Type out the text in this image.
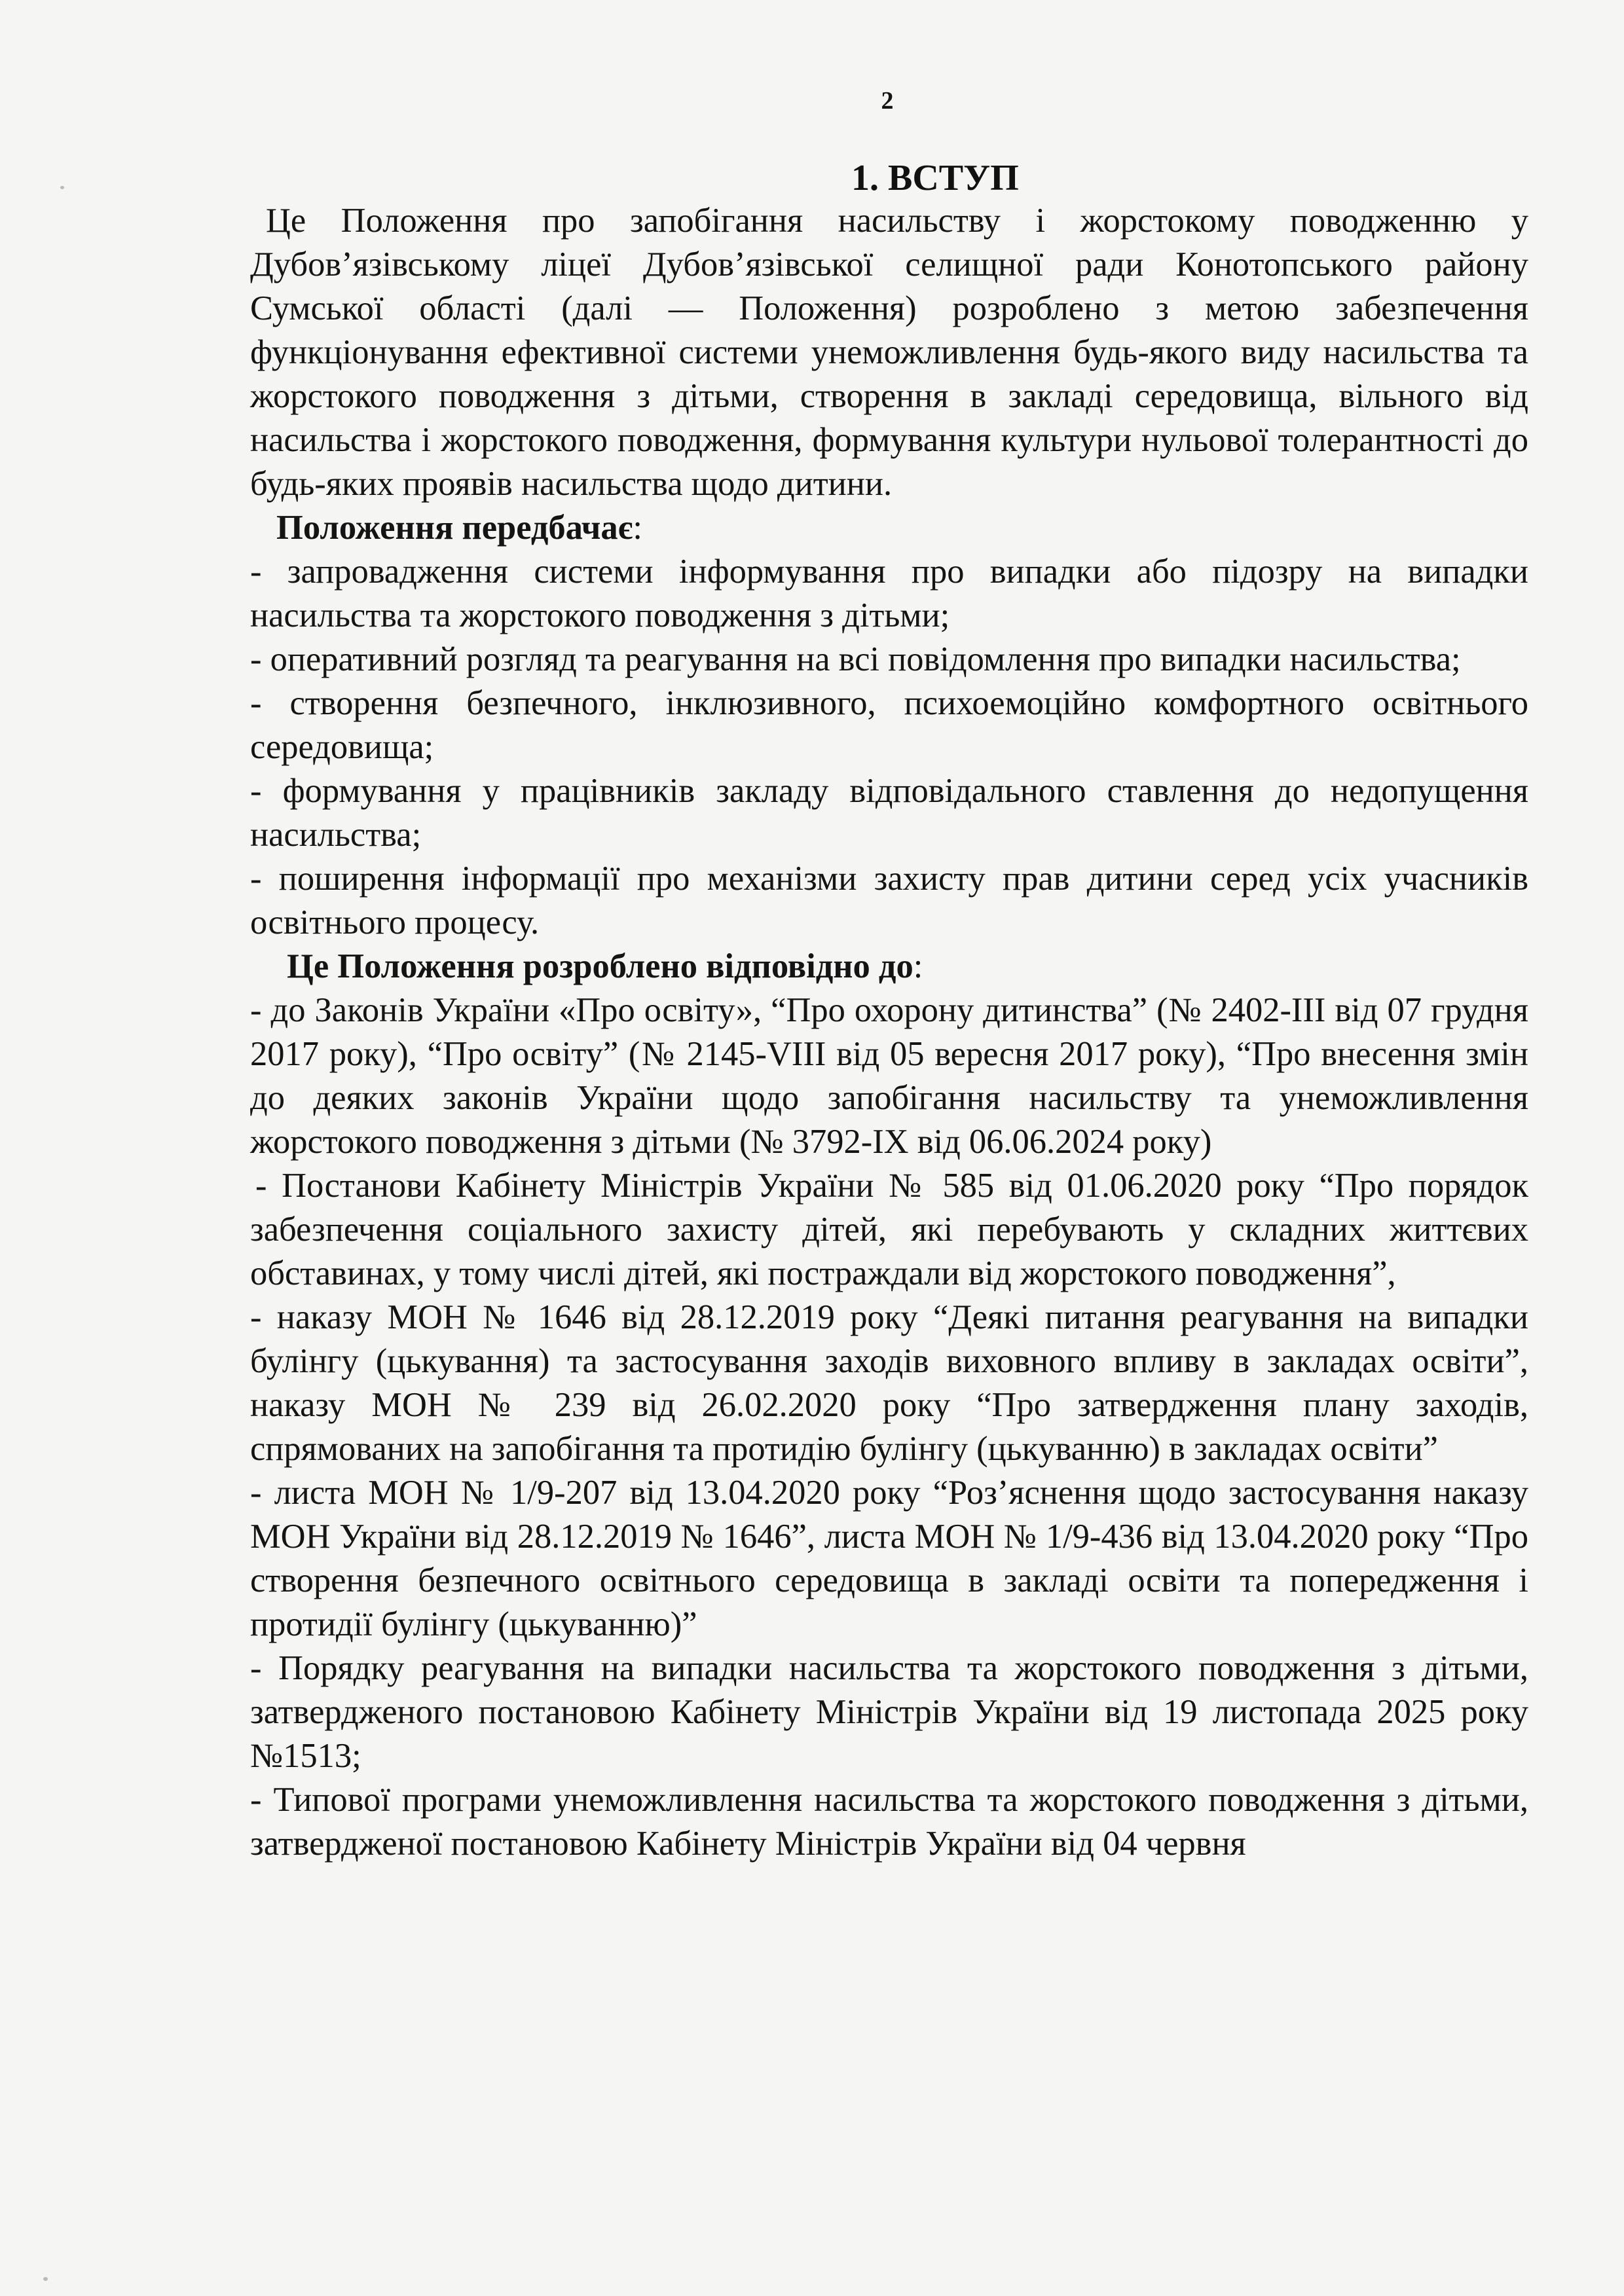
2
1. ВСТУП

Це Положення про запобігання насильству і жорстокому поводженню у Дубов’язівському ліцеї Дубов’язівської селищної ради Конотопського району Сумської області (далі — Положення) розроблено з метою забезпечення функціонування ефективної системи унеможливлення будь-якого виду насильства та жорстокого поводження з дітьми, створення в закладі середовища, вільного від насильства і жорстокого поводження, формування культури нульової толерантності до будь-яких проявів насильства щодо дитини.

Положення передбачає:

- запровадження системи інформування про випадки або підозру на випадки насильства та жорстокого поводження з дітьми;

- оперативний розгляд та реагування на всі повідомлення про випадки насильства;

- створення безпечного, інклюзивного, психоемоційно комфортного освітнього середовища;

- формування у працівників закладу відповідального ставлення до недопущення насильства;

- поширення інформації про механізми захисту прав дитини серед усіх учасників освітнього процесу.

Це Положення розроблено відповідно до:

- до Законів України «Про освіту», “Про охорону дитинства” (№ 2402-ІІІ від 07 грудня 2017 року), “Про освіту” (№ 2145-VIII від 05 вересня 2017 року), “Про внесення змін до деяких законів України щодо запобігання насильству та унеможливлення жорстокого поводження з дітьми (№ 3792-IX від 06.06.2024 року)

- Постанови Кабінету Міністрів України № 585 від 01.06.2020 року “Про порядок забезпечення соціального захисту дітей, які перебувають у складних життєвих обставинах, у тому числі дітей, які постраждали від жорстокого поводження”,

- наказу МОН № 1646 від 28.12.2019 року “Деякі питання реагування на випадки булінгу (цькування) та застосування заходів виховного впливу в закладах освіти”, наказу МОН № 239 від 26.02.2020 року “Про затвердження плану заходів, спрямованих на запобігання та протидію булінгу (цькуванню) в закладах освіти”

- листа МОН № 1/9-207 від 13.04.2020 року “Роз’яснення щодо застосування наказу МОН України від 28.12.2019 № 1646”, листа МОН № 1/9-436 від 13.04.2020 року “Про створення безпечного освітнього середовища в закладі освіти та попередження і протидії булінгу (цькуванню)”

- Порядку реагування на випадки насильства та жорстокого поводження з дітьми, затвердженого постановою Кабінету Міністрів України від 19 листопада 2025 року №1513;

- Типової програми унеможливлення насильства та жорстокого поводження з дітьми, затвердженої постановою Кабінету Міністрів України від 04 червня
